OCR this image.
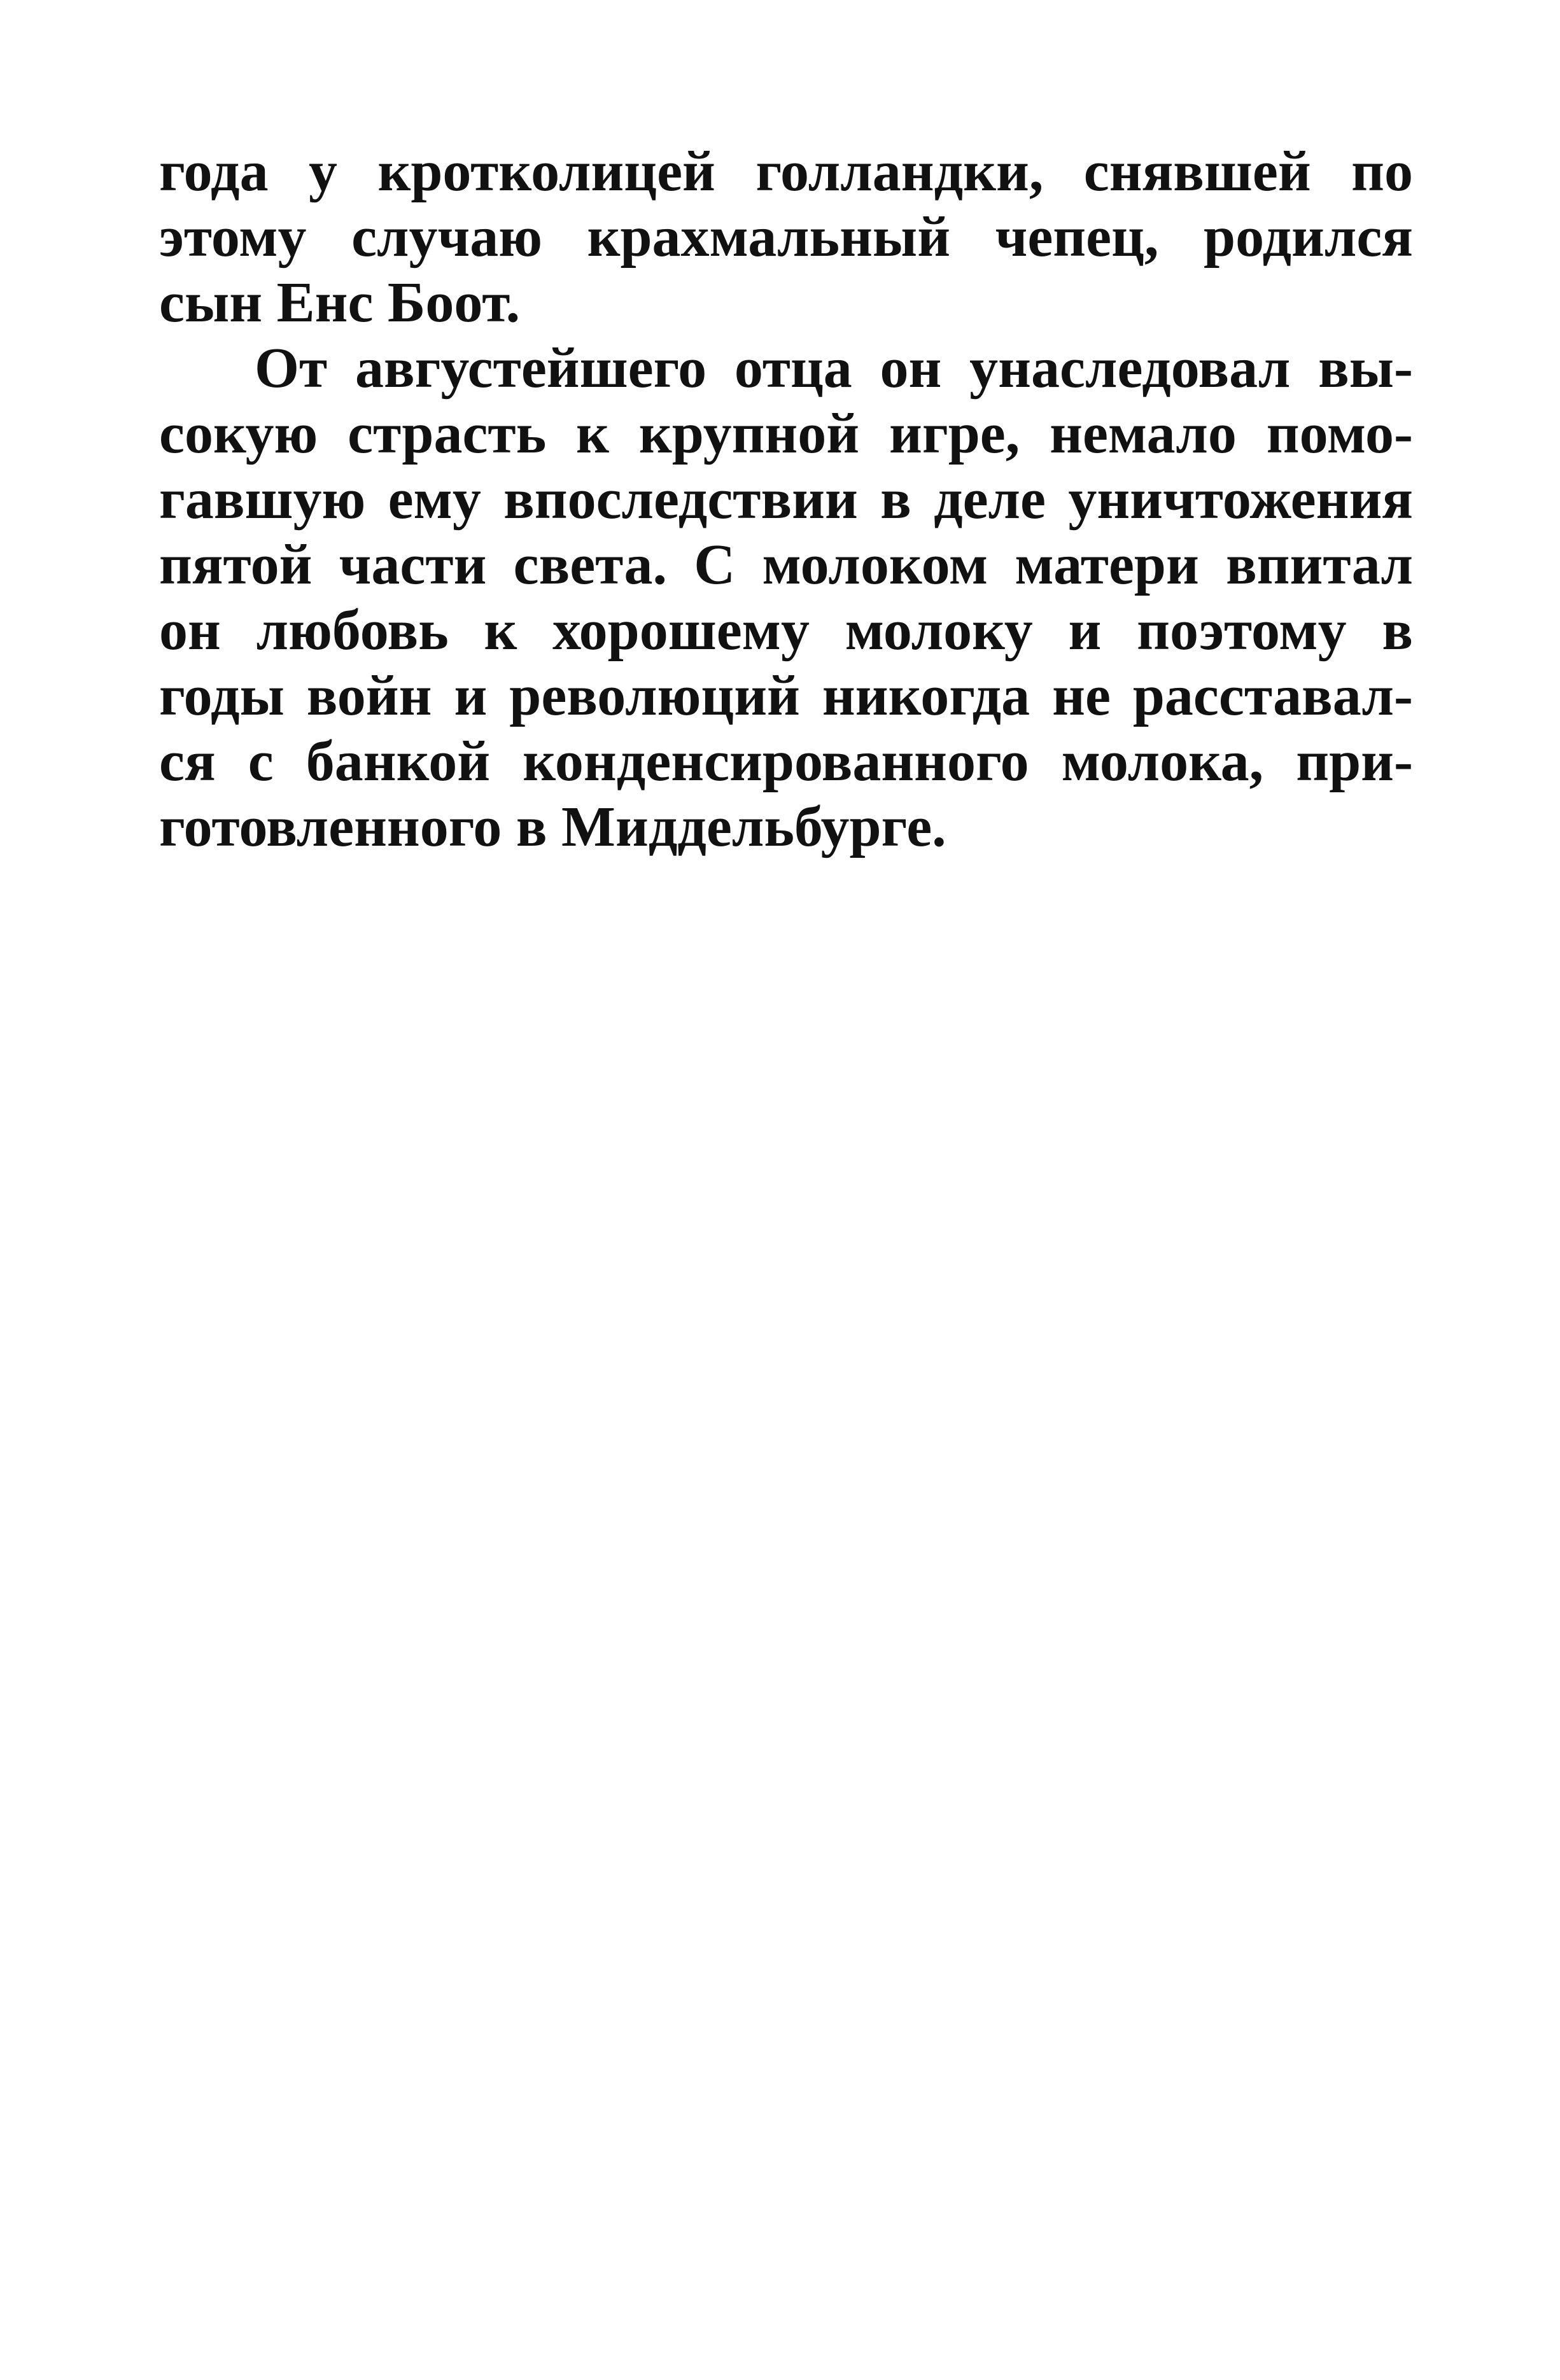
года у кротколицей голландки, снявшей по
этому случаю крахмальный чепец, родился
сын Енс Боот.
От августейшего отца он унаследовал вы-
сокую страсть к крупной игре, немало помо-
гавшую ему впоследствии в деле уничтожения
пятой части света. С молоком матери впитал
он любовь к хорошему молоку и поэтому в
годы войн и революций никогда не расставал-
ся с банкой конденсированного молока, при-
готовленного в Миддельбурге.
